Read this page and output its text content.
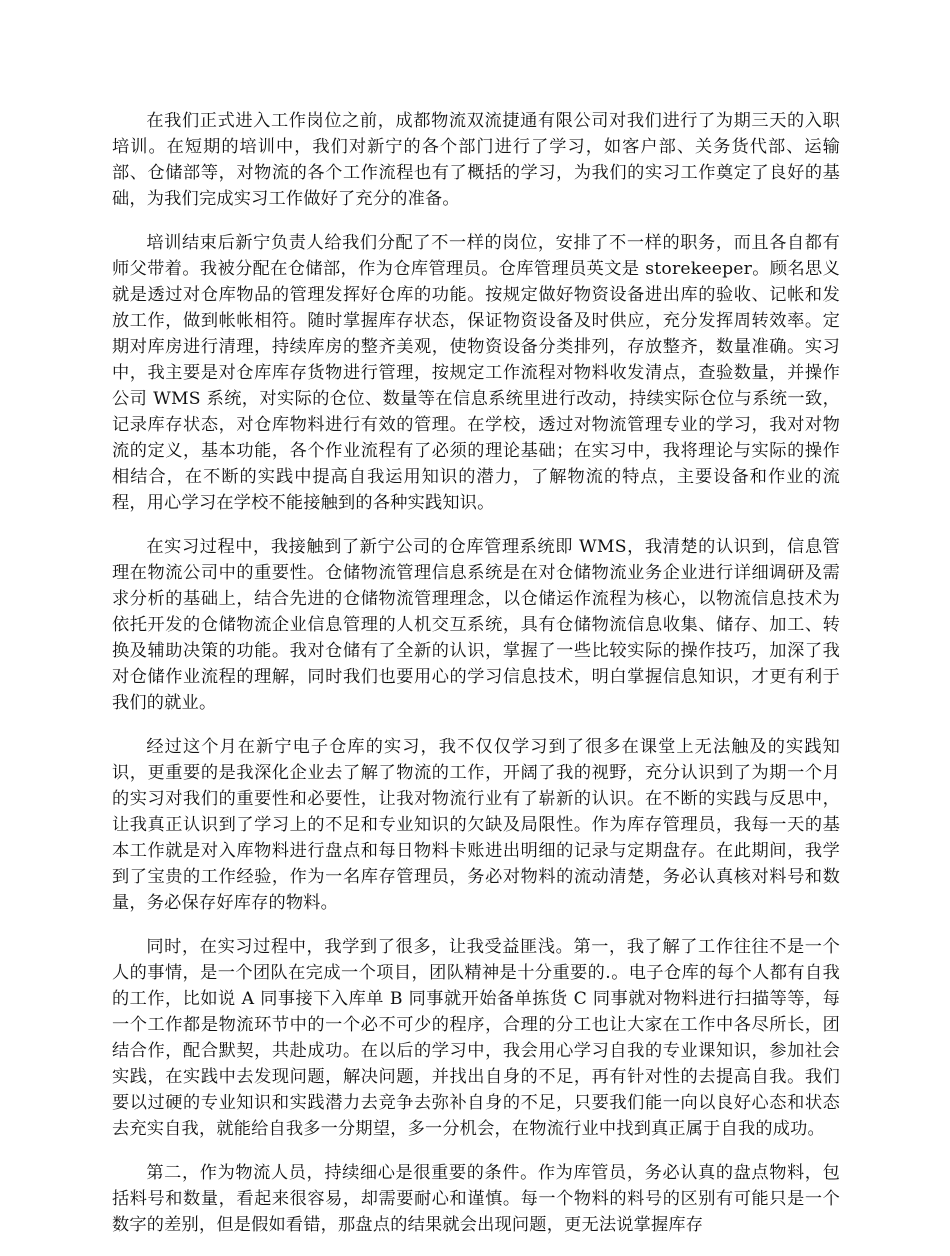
在我们正式进入工作岗位之前，成都物流双流捷通有限公司对我们进行了为期三天的入职培训。在短期的培训中，我们对新宁的各个部门进行了学习，如客户部、关务货代部、运输部、仓储部等，对物流的各个工作流程也有了概括的学习，为我们的实习工作奠定了良好的基础，为我们完成实习工作做好了充分的准备。

培训结束后新宁负责人给我们分配了不一样的岗位，安排了不一样的职务，而且各自都有师父带着。我被分配在仓储部，作为仓库管理员。仓库管理员英文是 storekeeper。顾名思义就是透过对仓库物品的管理发挥好仓库的功能。按规定做好物资设备进出库的验收、记帐和发放工作，做到帐帐相符。随时掌握库存状态，保证物资设备及时供应，充分发挥周转效率。定期对库房进行清理，持续库房的整齐美观，使物资设备分类排列，存放整齐，数量准确。实习中，我主要是对仓库库存货物进行管理，按规定工作流程对物料收发清点，查验数量，并操作公司 WMS 系统，对实际的仓位、数量等在信息系统里进行改动，持续实际仓位与系统一致，记录库存状态，对仓库物料进行有效的管理。在学校，透过对物流管理专业的学习，我对对物流的定义，基本功能，各个作业流程有了必须的理论基础；在实习中，我将理论与实际的操作相结合，在不断的实践中提高自我运用知识的潜力，了解物流的特点，主要设备和作业的流程，用心学习在学校不能接触到的各种实践知识。

在实习过程中，我接触到了新宁公司的仓库管理系统即 WMS，我清楚的认识到，信息管理在物流公司中的重要性。仓储物流管理信息系统是在对仓储物流业务企业进行详细调研及需求分析的基础上，结合先进的仓储物流管理理念，以仓储运作流程为核心，以物流信息技术为依托开发的仓储物流企业信息管理的人机交互系统，具有仓储物流信息收集、储存、加工、转换及辅助决策的功能。我对仓储有了全新的认识，掌握了一些比较实际的操作技巧，加深了我对仓储作业流程的理解，同时我们也要用心的学习信息技术，明白掌握信息知识，才更有利于我们的就业。

经过这个月在新宁电子仓库的实习，我不仅仅学习到了很多在课堂上无法触及的实践知识，更重要的是我深化企业去了解了物流的工作，开阔了我的视野，充分认识到了为期一个月的实习对我们的重要性和必要性，让我对物流行业有了崭新的认识。在不断的实践与反思中，让我真正认识到了学习上的不足和专业知识的欠缺及局限性。作为库存管理员，我每一天的基本工作就是对入库物料进行盘点和每日物料卡账进出明细的记录与定期盘存。在此期间，我学到了宝贵的工作经验，作为一名库存管理员，务必对物料的流动清楚，务必认真核对料号和数量，务必保存好库存的物料。

同时，在实习过程中，我学到了很多，让我受益匪浅。第一，我了解了工作往往不是一个人的事情，是一个团队在完成一个项目，团队精神是十分重要的.。电子仓库的每个人都有自我的工作，比如说 A 同事接下入库单 B 同事就开始备单拣货 C 同事就对物料进行扫描等等，每一个工作都是物流环节中的一个必不可少的程序，合理的分工也让大家在工作中各尽所长，团结合作，配合默契，共赴成功。在以后的学习中，我会用心学习自我的专业课知识，参加社会实践，在实践中去发现问题，解决问题，并找出自身的不足，再有针对性的去提高自我。我们要以过硬的专业知识和实践潜力去竞争去弥补自身的不足，只要我们能一向以良好心态和状态去充实自我，就能给自我多一分期望，多一分机会，在物流行业中找到真正属于自我的成功。

第二，作为物流人员，持续细心是很重要的条件。作为库管员，务必认真的盘点物料，包括料号和数量，看起来很容易，却需要耐心和谨慎。每一个物料的料号的区别有可能只是一个数字的差别，但是假如看错，那盘点的结果就会出现问题，更无法说掌握库存
